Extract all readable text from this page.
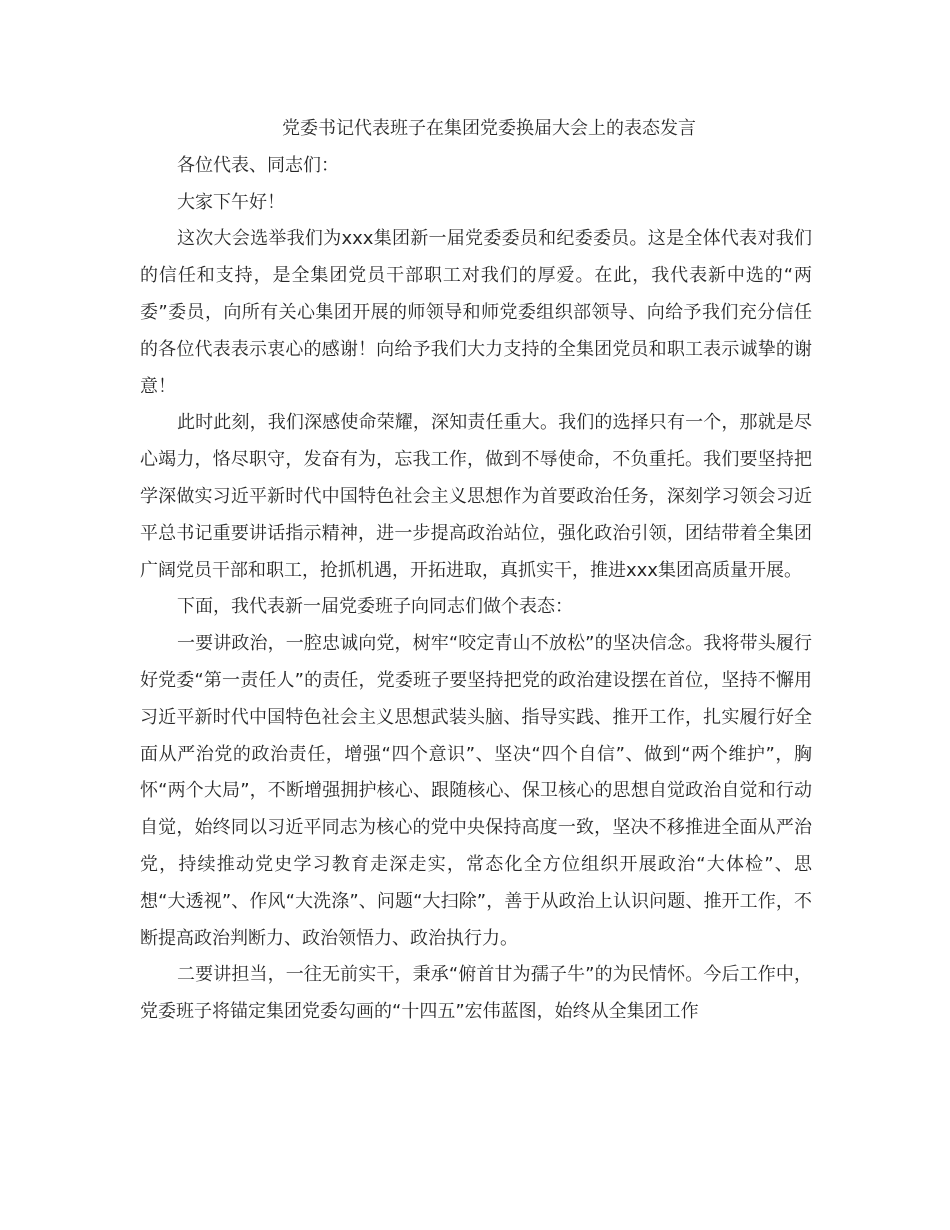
党委书记代表班子在集团党委换届大会上的表态发言

各位代表、同志们：

大家下午好！

这次大会选举我们为xxx集团新一届党委委员和纪委委员。这是全体代表对我们的信任和支持，是全集团党员干部职工对我们的厚爱。在此，我代表新中选的“两委”委员，向所有关心集团开展的师领导和师党委组织部领导、向给予我们充分信任的各位代表表示衷心的感谢！向给予我们大力支持的全集团党员和职工表示诚挚的谢意！

此时此刻，我们深感使命荣耀，深知责任重大。我们的选择只有一个，那就是尽心竭力，恪尽职守，发奋有为，忘我工作，做到不辱使命，不负重托。我们要坚持把学深做实习近平新时代中国特色社会主义思想作为首要政治任务，深刻学习领会习近平总书记重要讲话指示精神，进一步提高政治站位，强化政治引领，团结带着全集团广阔党员干部和职工，抢抓机遇，开拓进取，真抓实干，推进xxx集团高质量开展。

下面，我代表新一届党委班子向同志们做个表态：

一要讲政治，一腔忠诚向党，树牢“咬定青山不放松”的坚决信念。我将带头履行好党委“第一责任人”的责任，党委班子要坚持把党的政治建设摆在首位，坚持不懈用习近平新时代中国特色社会主义思想武装头脑、指导实践、推开工作，扎实履行好全面从严治党的政治责任，增强“四个意识”、坚决“四个自信”、做到“两个维护”，胸怀“两个大局”，不断增强拥护核心、跟随核心、保卫核心的思想自觉政治自觉和行动自觉，始终同以习近平同志为核心的党中央保持高度一致，坚决不移推进全面从严治党，持续推动党史学习教育走深走实，常态化全方位组织开展政治“大体检”、思想“大透视”、作风“大洗涤”、问题“大扫除”，善于从政治上认识问题、推开工作，不断提高政治判断力、政治领悟力、政治执行力。

二要讲担当，一往无前实干，秉承“俯首甘为孺子牛”的为民情怀。今后工作中，党委班子将锚定集团党委勾画的“十四五”宏伟蓝图，始终从全集团工作
